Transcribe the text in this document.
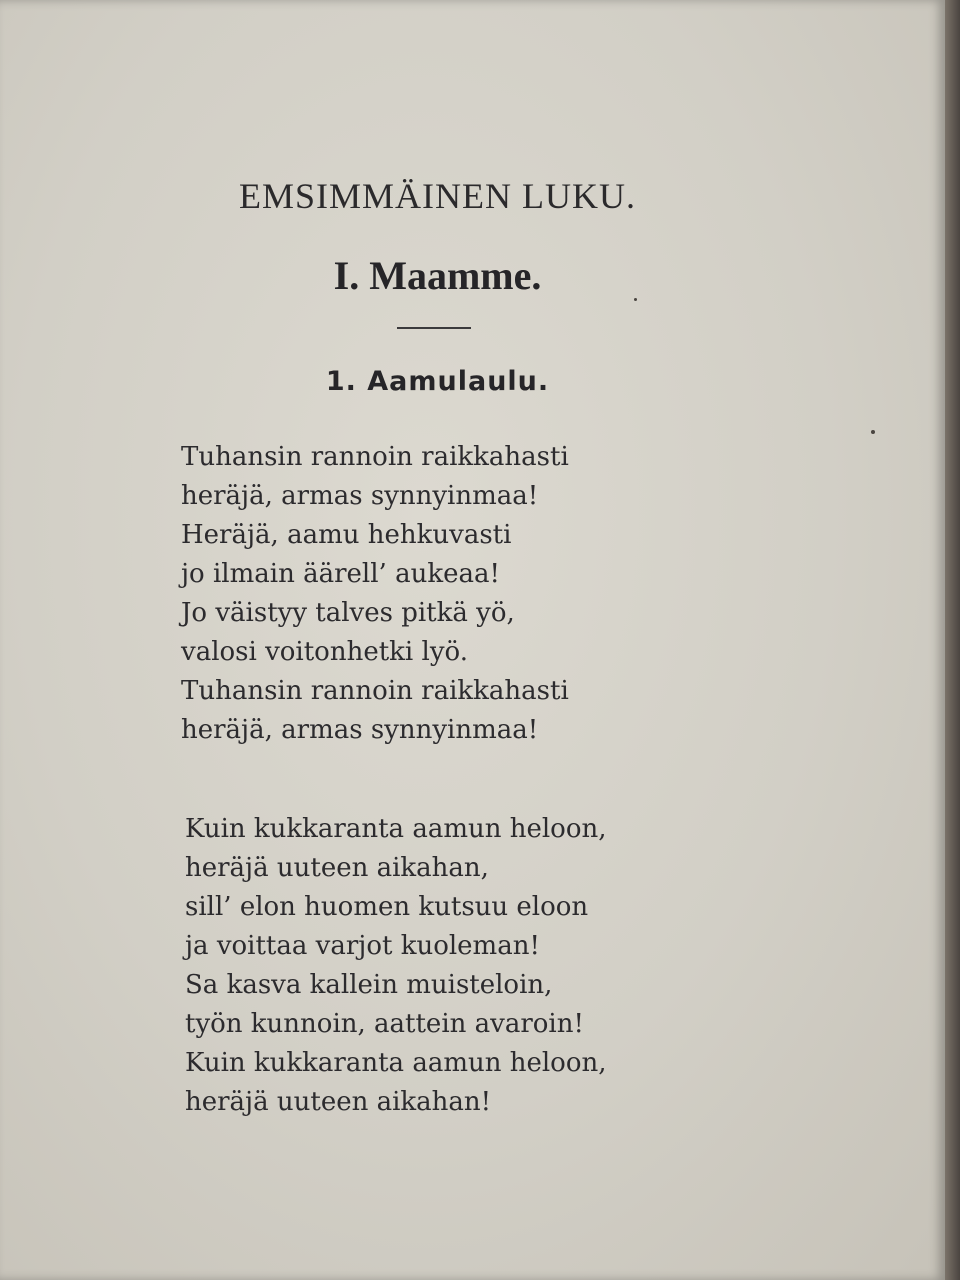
EMSIMMÄINEN LUKU.
I. Maamme.
1. Aamulaulu.
Tuhansin rannoin raikkahasti
heräjä, armas synnyinmaa!
Heräjä, aamu hehkuvasti
jo ilmain äärell’ aukeaa!
Jo väistyy talves pitkä yö,
valosi voitonhetki lyö.
Tuhansin rannoin raikkahasti
heräjä, armas synnyinmaa!
Kuin kukkaranta aamun heloon,
heräjä uuteen aikahan,
sill’ elon huomen kutsuu eloon
ja voittaa varjot kuoleman!
Sa kasva kallein muisteloin,
työn kunnoin, aattein avaroin!
Kuin kukkaranta aamun heloon,
heräjä uuteen aikahan!
